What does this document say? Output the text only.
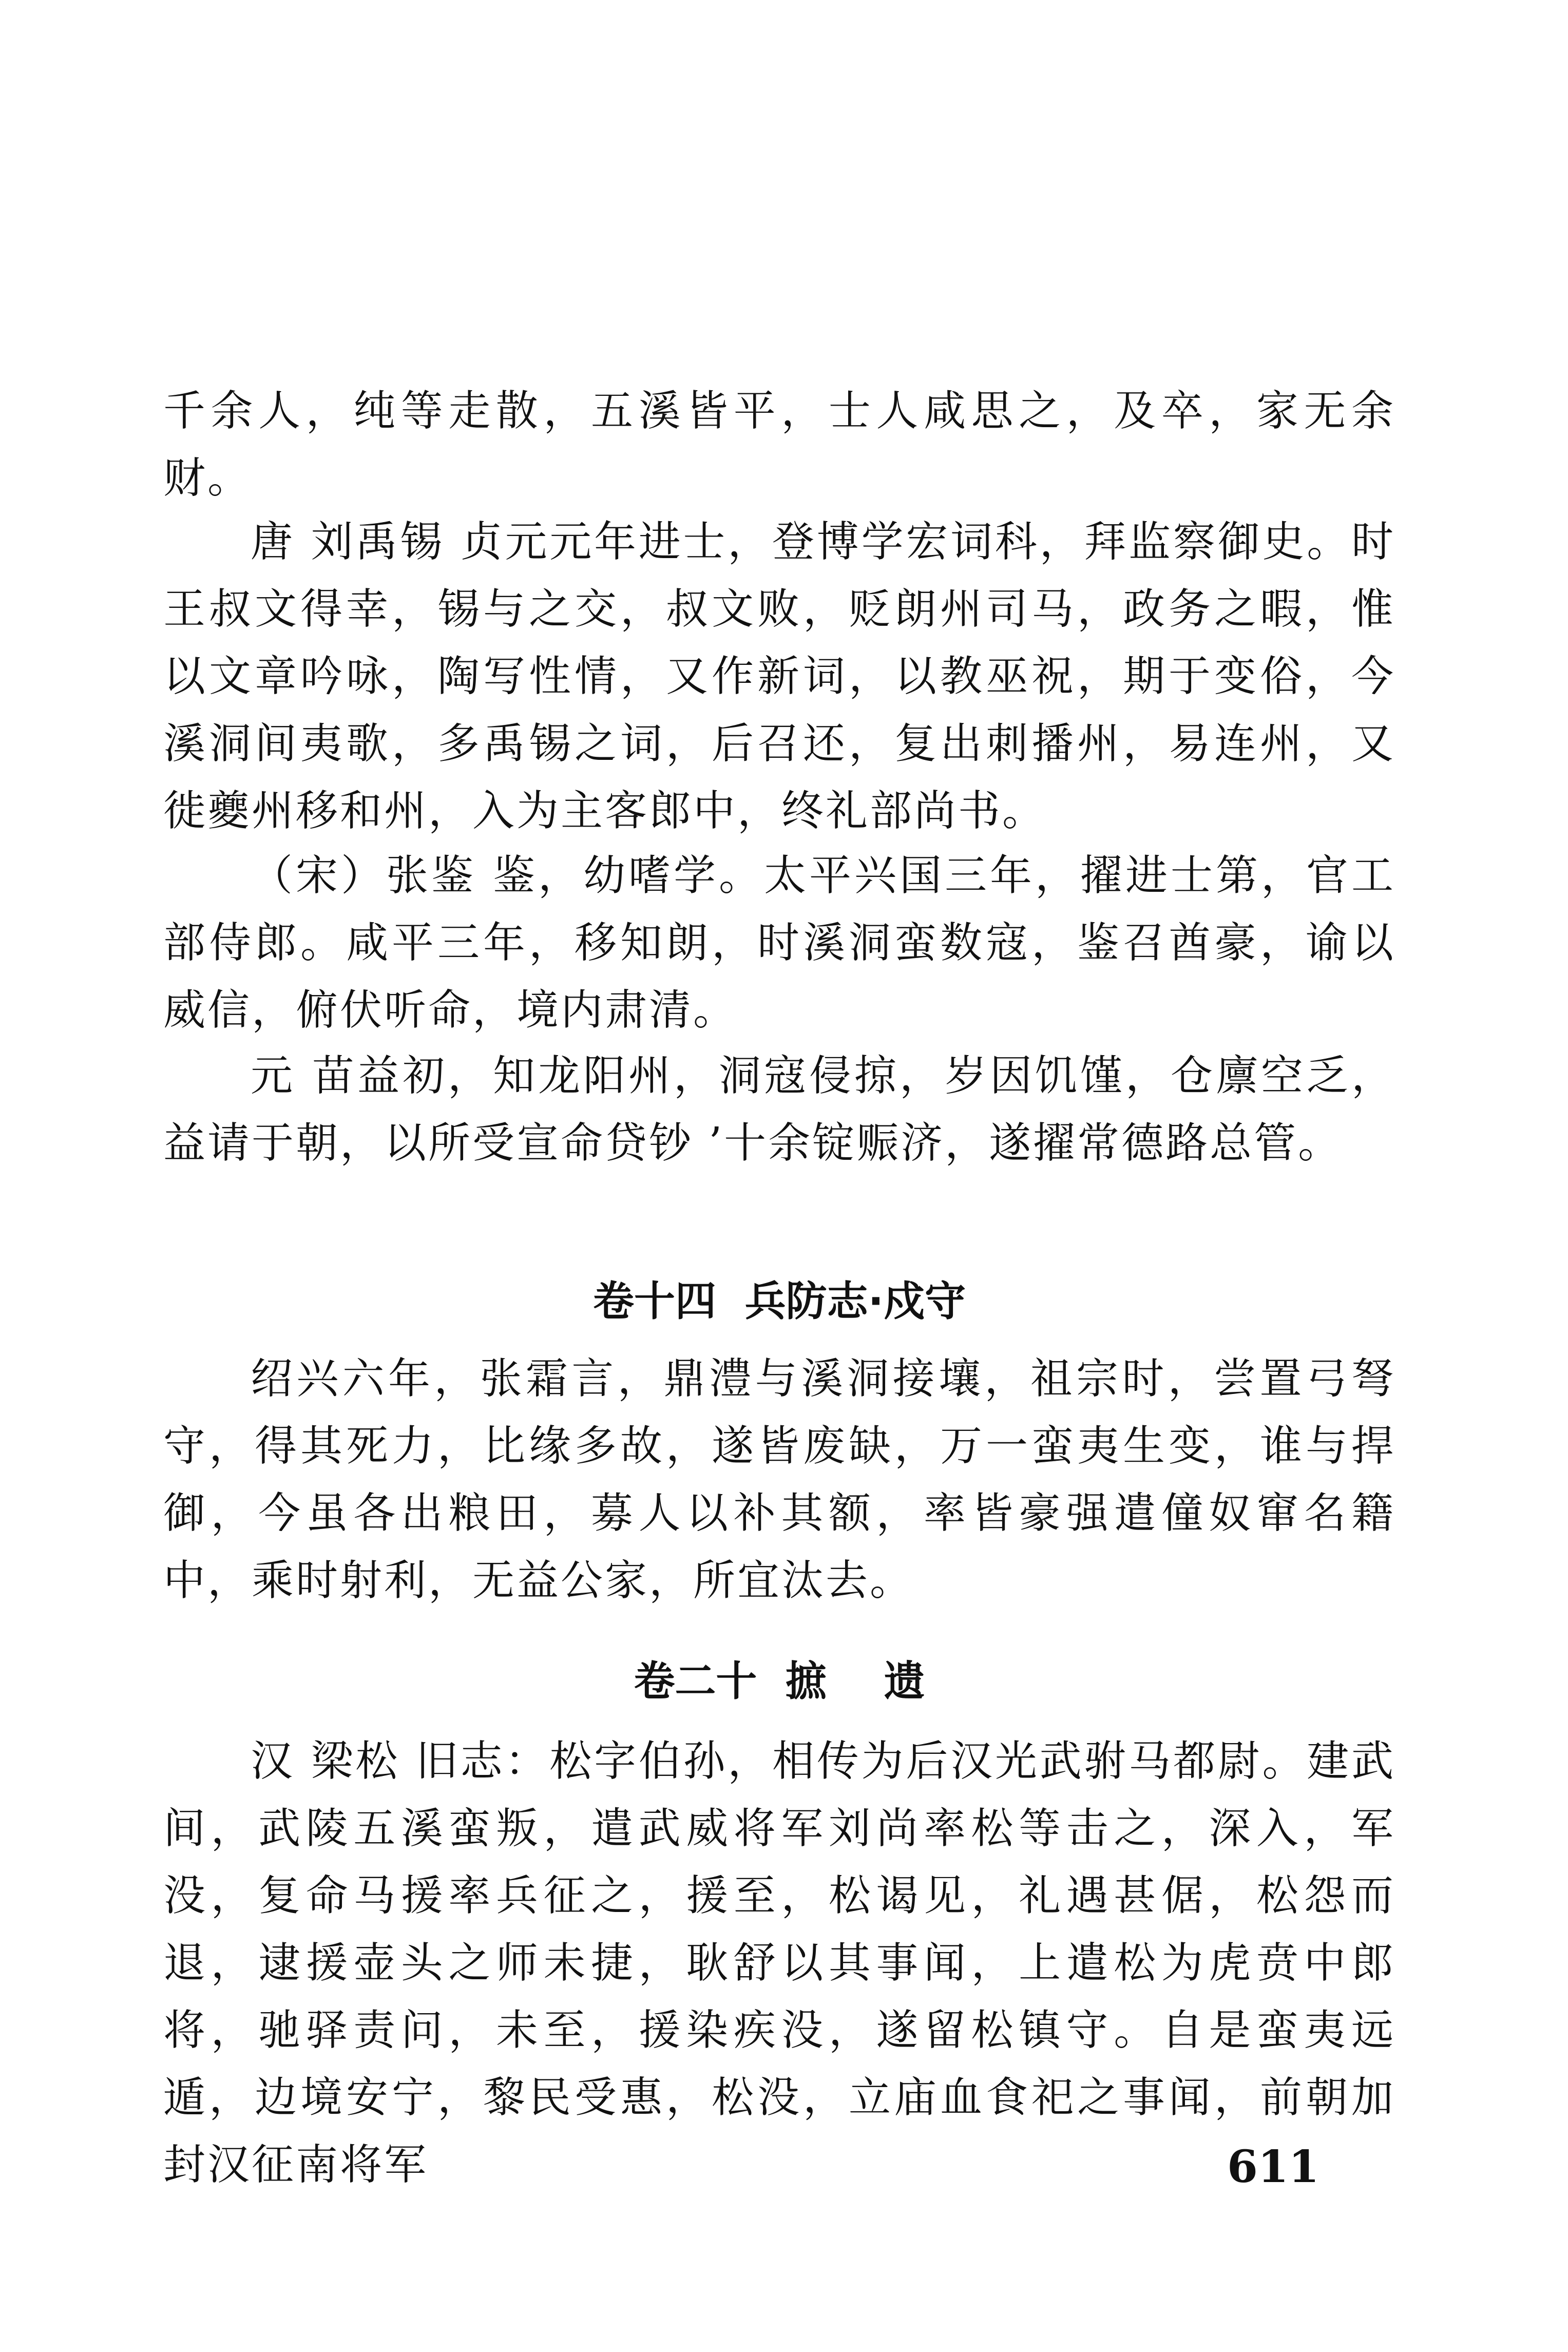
千余人，纯等走散，五溪皆平，士人咸思之，及卒，家无余财。
唐 刘禹锡 贞元元年进士，登博学宏词科，拜监察御史。时王叔文得幸，锡与之交，叔文败，贬朗州司马，政务之暇，惟以文章吟咏，陶写性情，又作新词，以教巫祝，期于变俗，今溪洞间夷歌，多禹锡之词，后召还，复出刺播州，易连州，又徙夔州移和州，入为主客郎中，终礼部尚书。
（宋）张鉴 鉴，幼嗜学。太平兴国三年，擢进士第，官工部侍郎。咸平三年，移知朗，时溪洞蛮数寇，鉴召酋豪，谕以威信，俯伏听命，境内肃清。
元 苗益初，知龙阳州，洞寇侵掠，岁因饥馑，仓廪空乏，益请于朝，以所受宣命贷钞 ’十余锭赈济，遂擢常德路总管。
卷十四  兵防志·戍守
绍兴六年，张霜言，鼎澧与溪洞接壤，祖宗时，尝置弓弩守，得其死力，比缘多故，遂皆废缺，万一蛮夷生变，谁与捍御，今虽各出粮田，募人以补其额，率皆豪强遣僮奴窜名籍中，乘时射利，无益公家，所宜汰去。
卷二十  摭    遗
汉 梁松 旧志：松字伯孙，相传为后汉光武驸马都尉。建武间，武陵五溪蛮叛，遣武威将军刘尚率松等击之，深入，军没，复命马援率兵征之，援至，松谒见，礼遇甚倨，松怨而退，逮援壶头之师未捷，耿舒以其事闻，上遣松为虎贲中郎将，驰驿责问，未至，援染疾没，遂留松镇守。自是蛮夷远遁，边境安宁，黎民受惠，松没，立庙血食祀之事闻，前朝加封汉征南将军	611
